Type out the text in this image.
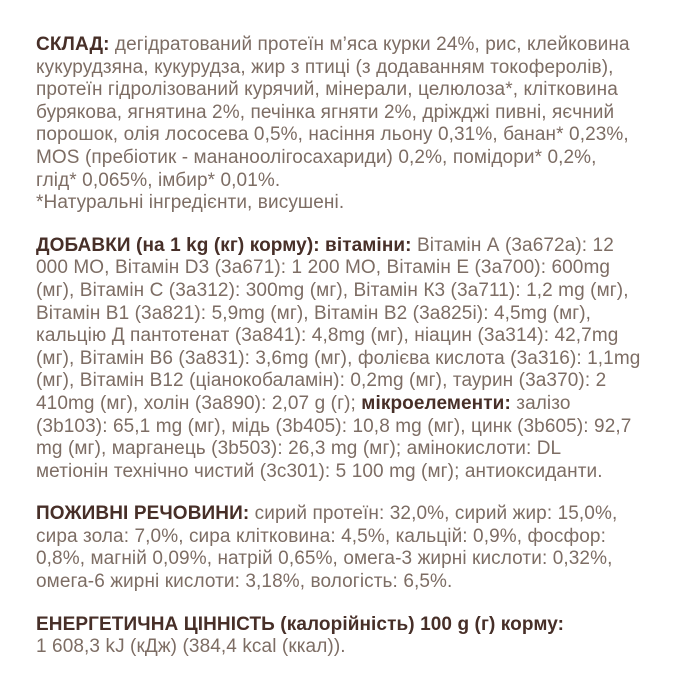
СКЛАД: дегідратований протеїн м’яса курки 24%, рис, клейковина
кукурудзяна, кукурудза, жир з птиці (з додаванням токоферолів),
протеїн гідролізований курячий, мінерали, целюлоза*, клітковина
бурякова, ягнятина 2%, печінка ягняти 2%, дріжджі пивні, яєчний
порошок, олія лососева 0,5%, насіння льону 0,31%, банан* 0,23%,
MOS (пребіотик - мананоолігосахариди) 0,2%, помідори* 0,2%,
глід* 0,065%, імбир* 0,01%.
*Натуральні інгредієнти, висушені.
ДОБАВКИ (на 1 kg (кг) корму): вітаміни: Вітамін А (3a672a): 12
000 МО, Вітамін D3 (3a671): 1 200 МО, Вітамін Е (3a700): 600mg
(мг), Вітамін С (3a312): 300mg (мг), Вітамін К3 (3a711): 1,2 mg (мг),
Вітамін В1 (3a821): 5,9mg (мг), Вітамін В2 (3a825i): 4,5mg (мг),
кальцію Д пантотенат (3a841): 4,8mg (мг), ніацин (3a314): 42,7mg
(мг), Вітамін В6 (3a831): 3,6mg (мг), фолієва кислота (3a316): 1,1mg
(мг), Вітамін В12 (ціанокобаламін): 0,2mg (мг), таурин (3a370): 2
410mg (мг), холін (3a890): 2,07 g (г); мікроелементи: залізо
(3b103): 65,1 mg (мг), мідь (3b405): 10,8 mg (мг), цинк (3b605): 92,7
mg (мг), марганець (3b503): 26,3 mg (мг); амінокислоти: DL
метіонін технічно чистий (3c301): 5 100 mg (мг); антиоксиданти.
ПОЖИВНІ РЕЧОВИНИ: сирий протеїн: 32,0%, сирий жир: 15,0%,
сира зола: 7,0%, сира клітковина: 4,5%, кальцій: 0,9%, фосфор:
0,8%, магній 0,09%, натрій 0,65%, омега-3 жирні кислоти: 0,32%,
омега-6 жирні кислоти: 3,18%, вологість: 6,5%.
ЕНЕРГЕТИЧНА ЦІННІСТЬ (калорійність) 100 g (г) корму:
1 608,3 kJ (кДж) (384,4 kcal (ккал)).
